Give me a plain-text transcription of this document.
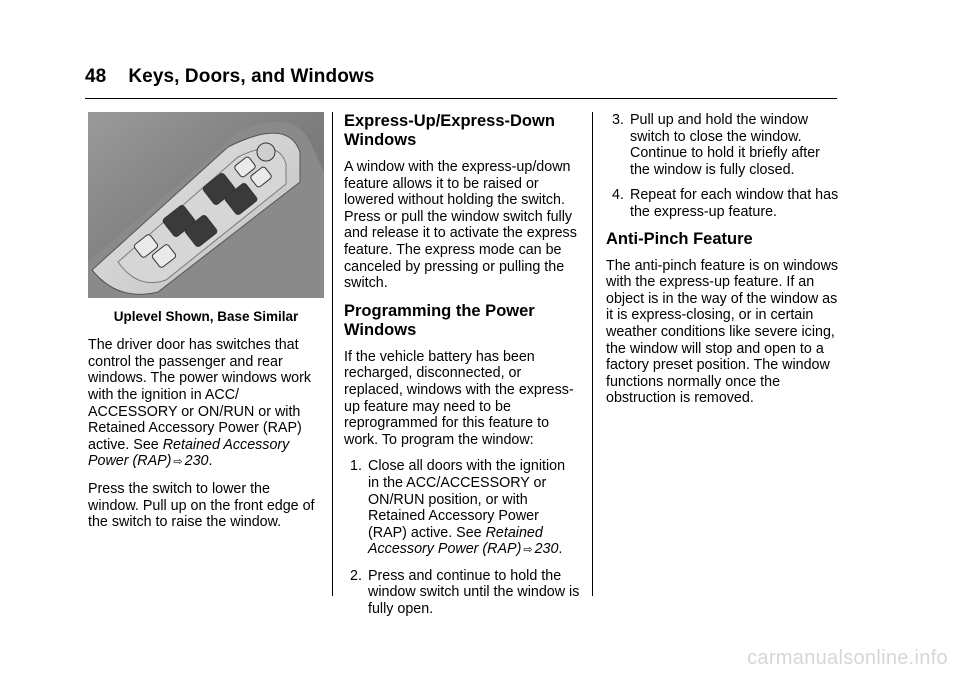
48 Keys, Doors, and Windows
Uplevel Shown, Base Similar

The driver door has switches that control the passenger and rear windows. The power windows work with the ignition in ACC/ ACCESSORY or ON/RUN or with Retained Accessory Power (RAP) active. See Retained Accessory Power (RAP) ⇨ 230.

Press the switch to lower the window. Pull up on the front edge of the switch to raise the window.

Express-Up/Express-Down Windows

A window with the express-up/down feature allows it to be raised or lowered without holding the switch. Press or pull the window switch fully and release it to activate the express feature. The express mode can be canceled by pressing or pulling the switch.

Programming the Power Windows

If the vehicle battery has been recharged, disconnected, or replaced, windows with the express-up feature may need to be reprogrammed for this feature to work. To program the window:

1. Close all doors with the ignition in the ACC/ACCESSORY or ON/RUN position, or with Retained Accessory Power (RAP) active. See Retained Accessory Power (RAP) ⇨ 230.
2. Press and continue to hold the window switch until the window is fully open.
3. Pull up and hold the window switch to close the window. Continue to hold it briefly after the window is fully closed.
4. Repeat for each window that has the express-up feature.
Anti-Pinch Feature

The anti-pinch feature is on windows with the express-up feature. If an object is in the way of the window as it is express-closing, or in certain weather conditions like severe icing, the window will stop and open to a factory preset position. The window functions normally once the obstruction is removed.

carmanualsonline.info
